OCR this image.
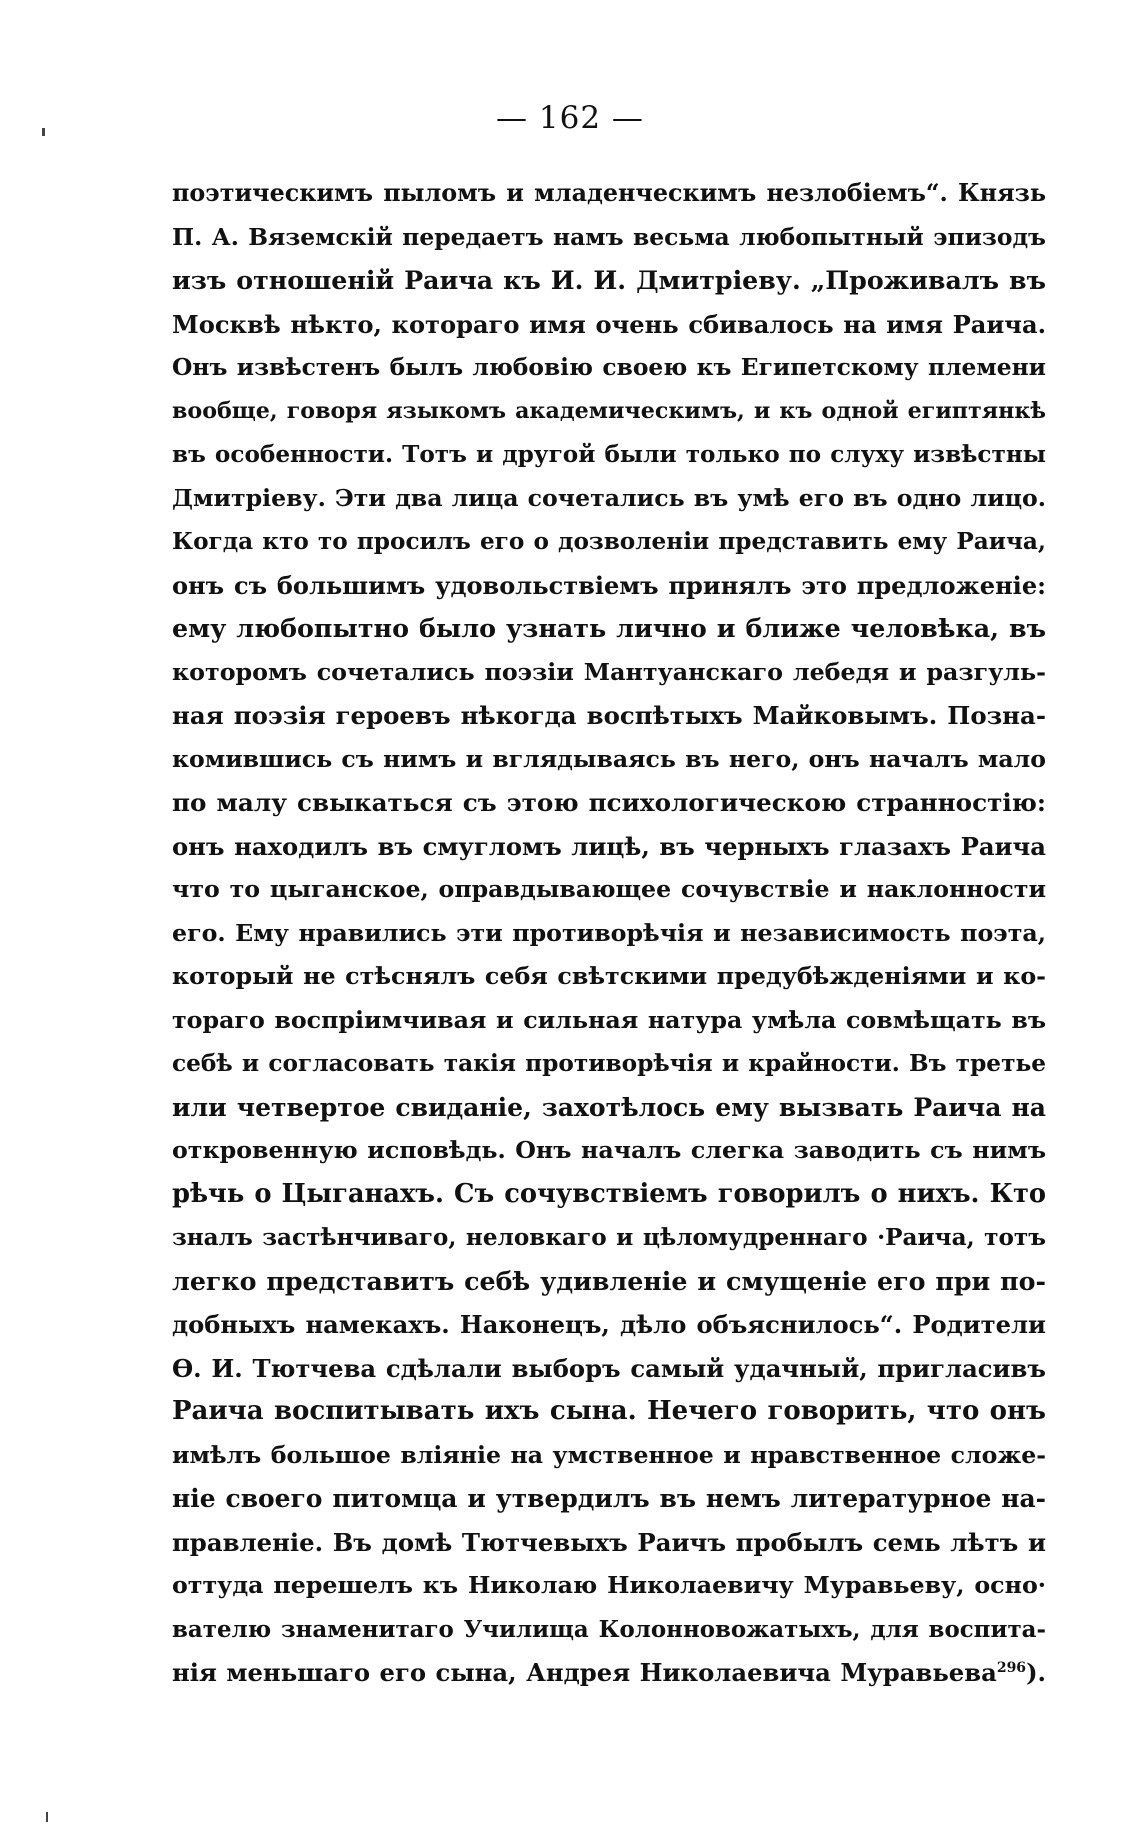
— 162 —
поэтическимъ пыломъ и младенческимъ незлобіемъ“. Князь
П. А. Вяземскій передаетъ намъ весьма любопытный эпизодъ
изъ отношеній Раича къ И. И. Дмитріеву. „Проживалъ въ
Москвѣ нѣкто, котораго имя очень сбивалось на имя Раича.
Онъ извѣстенъ былъ любовію своею къ Египетскому племени
вообще, говоря языкомъ академическимъ, и къ одной египтянкѣ
въ особенности. Тотъ и другой были только по слуху извѣстны
Дмитріеву. Эти два лица сочетались въ умѣ его въ одно лицо.
Когда кто то просилъ его о дозволеніи представить ему Раича,
онъ съ большимъ удовольствіемъ принялъ это предложеніе:
ему любопытно было узнать лично и ближе человѣка, въ
которомъ сочетались поэзіи Мантуанскаго лебедя и разгуль-
ная поэзія героевъ нѣкогда воспѣтыхъ Майковымъ. Позна-
комившись съ нимъ и вглядываясь въ него, онъ началъ мало
по малу свыкаться съ этою психологическою странностію:
онъ находилъ въ смугломъ лицѣ, въ черныхъ глазахъ Раича
что то цыганское, оправдывающее сочувствіе и наклонности
его. Ему нравились эти противорѣчія и независимость поэта,
который не стѣснялъ себя свѣтскими предубѣжденіями и ко-
тораго воспріимчивая и сильная натура умѣла совмѣщать въ
себѣ и согласовать такія противорѣчія и крайности. Въ третье
или четвертое свиданіе, захотѣлось ему вызвать Раича на
откровенную исповѣдь. Онъ началъ слегка заводить съ нимъ
рѣчь о Цыганахъ. Съ сочувствіемъ говорилъ о нихъ. Кто
зналъ застѣнчиваго, неловкаго и цѣломудреннаго ·Раича, тотъ
легко представитъ себѣ удивленіе и смущеніе его при по-
добныхъ намекахъ. Наконецъ, дѣло объяснилось“. Родители
Ѳ. И. Тютчева сдѣлали выборъ самый удачный, пригласивъ
Раича воспитывать ихъ сына. Нечего говорить, что онъ
имѣлъ большое вліяніе на умственное и нравственное сложе-
ніе своего питомца и утвердилъ въ немъ литературное на-
правленіе. Въ домѣ Тютчевыхъ Раичъ пробылъ семь лѣтъ и
оттуда перешелъ къ Николаю Николаевичу Муравьеву, осно·
вателю знаменитаго Училища Колонновожатыхъ, для воспита-
нія меньшаго его сына, Андрея Николаевича Муравьева$^{296}$).
